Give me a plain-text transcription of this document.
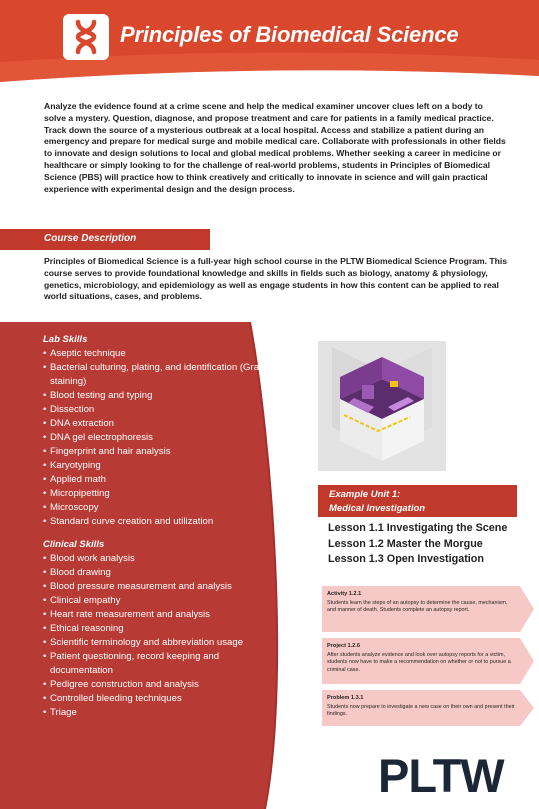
Principles of Biomedical Science

Analyze the evidence found at a crime scene and help the medical examiner uncover clues left on a body to solve a mystery. Question, diagnose, and propose treatment and care for patients in a family medical practice. Track down the source of a mysterious outbreak at a local hospital. Access and stabilize a patient during an emergency and prepare for medical surge and mobile medical care. Collaborate with professionals in other fields to innovate and design solutions to local and global medical problems. Whether seeking a career in medicine or healthcare or simply looking to for the challenge of real-world problems, students in Principles of Biomedical Science (PBS) will practice how to think creatively and critically to innovate in science and will gain practical experience with experimental design and the design process.

Course Description

Principles of Biomedical Science is a full-year high school course in the PLTW Biomedical Science Program. This course serves to provide foundational knowledge and skills in fields such as biology, anatomy & physiology, genetics, microbiology, and epidemiology as well as engage students in how this content can be applied to real world situations, cases, and problems.

Lab Skills
• Aseptic technique
• Bacterial culturing, plating, and identification (Gram staining)
• Blood testing and typing
• Dissection
• DNA extraction
• DNA gel electrophoresis
• Fingerprint and hair analysis
• Karyotyping
• Applied math
• Micropipetting
• Microscopy
• Standard curve creation and utilization
Clinical Skills
• Blood work analysis
• Blood drawing
• Blood pressure measurement and analysis
• Clinical empathy
• Heart rate measurement and analysis
• Ethical reasoning
• Scientific terminology and abbreviation usage
• Patient questioning, record keeping and documentation
• Pedigree construction and analysis
• Controlled bleeding techniques
• Triage
Example Unit 1:
Medical Investigation
Lesson 1.1 Investigating the Scene
Lesson 1.2 Master the Morgue
Lesson 1.3 Open Investigation
Activity 1.2.1
Students learn the steps of an autopsy to determine the cause, mechanism, and manner of death. Students complete an autopsy report.
Project 1.2.6
After students analyze evidence and look over autopsy reports for a victim, students now have to make a recommendation on whether or not to pursue a criminal case.
Problem 1.3.1
Students now prepare to investigate a new case on their own and present their findings.
PLTW
